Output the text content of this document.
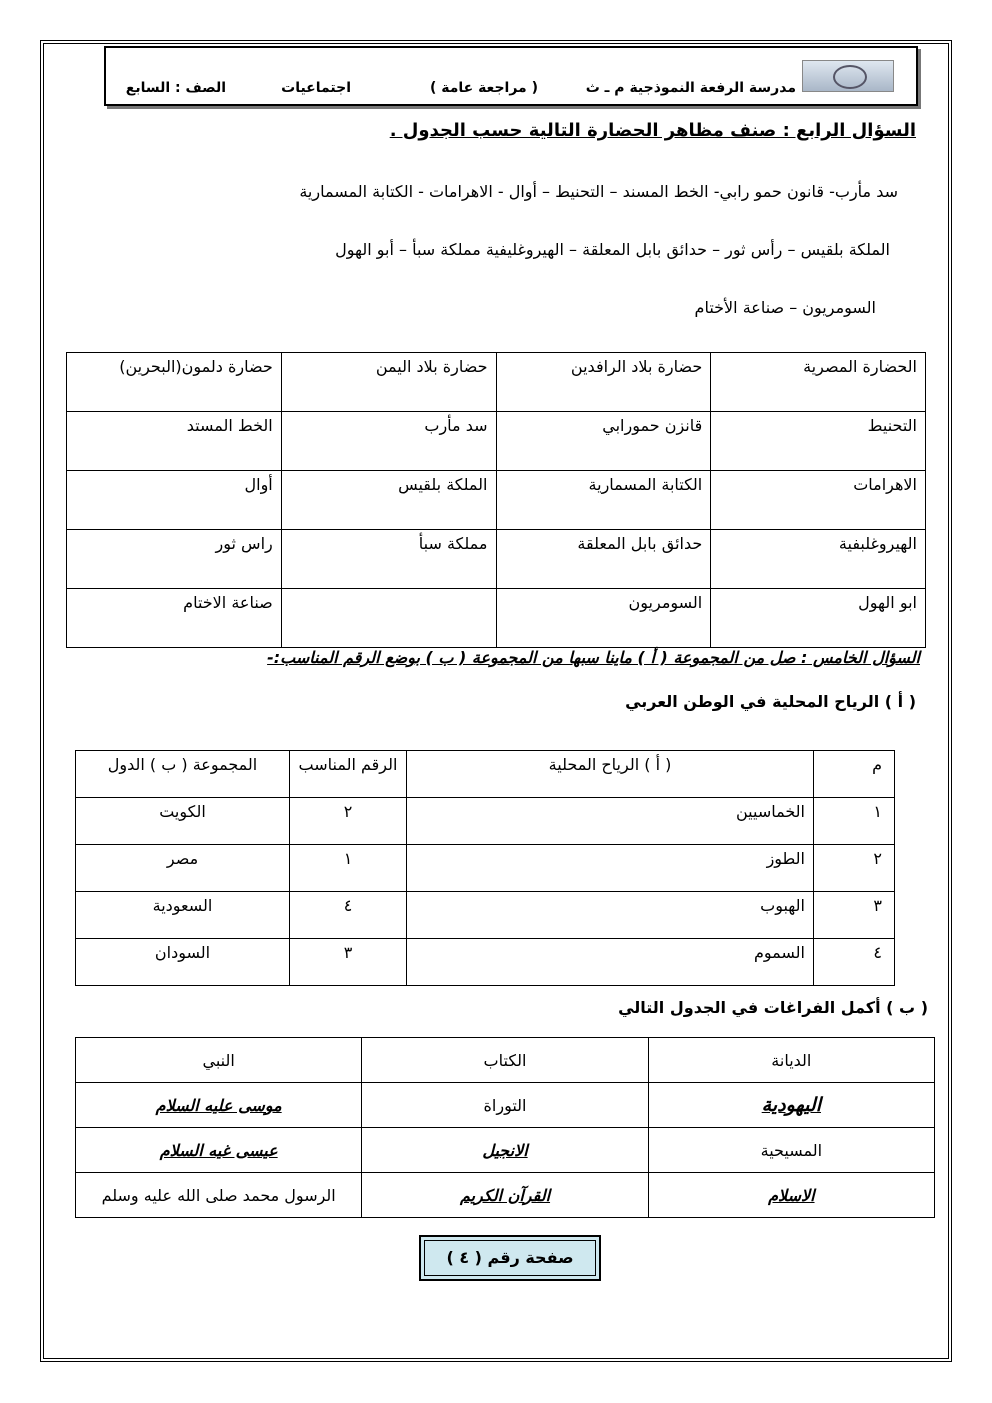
مدرسة الرفعة النموذجية م ـ ث
( مراجعة عامة )
اجتماعيات
الصف : السابع
السؤال الرابع : صنف مظاهر الحضارة التالية حسب الجدول .
سد مأرب- قانون حمو رابي- الخط المسند – التحنيط – أوال - الاهرامات - الكتابة المسمارية
الملكة بلقيس – رأس ثور – حدائق بابل المعلقة – الهيروغليفية مملكة سبأ – أبو الهول
السومريون – صناعة الأختام
الحضارة المصرية	حضارة بلاد الرافدين	حضارة بلاد اليمن	حضارة دلمون(البحرين)
التحنيط	قانزن حمورابي	سد مأرب	الخط المستد
الاهرامات	الكتابة المسمارية	الملكة بلقيس	أوال
الهيروغلبفية	حدائق بابل المعلقة	مملكة سبأ	راس ثور
ابو الهول	السومريون		صناعة الاختام
السؤال الخامس : صل من المجموعة ( أ ) ماينا سبها من المجموعة ( ب ) بوضع الرقم المناسب:-
( أ ) الرياح المحلية في الوطن العربي
م	( أ ) الرياح المحلية	الرقم المناسب	المجموعة ( ب ) الدول
١	الخماسيين	٢	الكويت
٢	الطوز	١	مصر
٣	الهبوب	٤	السعودية
٤	السموم	٣	السودان
( ب ) أكمل الفراغات في الجدول التالي
الديانة	الكتاب	النبي
اليهودية	التوراة	موسى عليه السلام
المسيحية	الانجيل	عيسى غيه السلام
الاسلام	القرآن الكريم	الرسول محمد صلى الله عليه وسلم
صفحة رقم ( ٤ )
